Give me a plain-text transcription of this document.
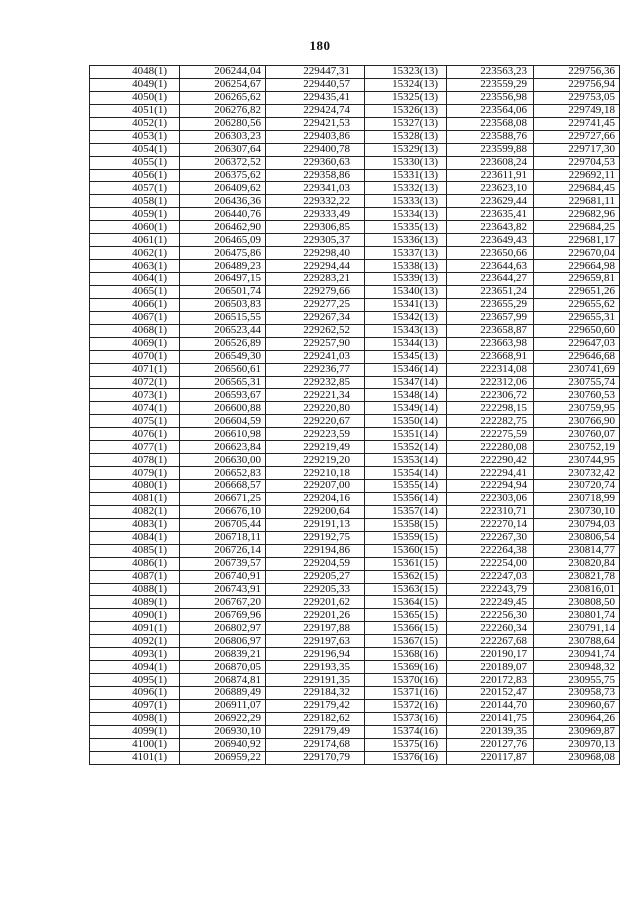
180
4048(1)	206244,04	229447,31	15323(13)	223563,23	229756,36
4049(1)	206254,67	229440,57	15324(13)	223559,29	229756,94
4050(1)	206265,62	229435,41	15325(13)	223556,98	229753,05
4051(1)	206276,82	229424,74	15326(13)	223564,06	229749,18
4052(1)	206280,56	229421,53	15327(13)	223568,08	229741,45
4053(1)	206303,23	229403,86	15328(13)	223588,76	229727,66
4054(1)	206307,64	229400,78	15329(13)	223599,88	229717,30
4055(1)	206372,52	229360,63	15330(13)	223608,24	229704,53
4056(1)	206375,62	229358,86	15331(13)	223611,91	229692,11
4057(1)	206409,62	229341,03	15332(13)	223623,10	229684,45
4058(1)	206436,36	229332,22	15333(13)	223629,44	229681,11
4059(1)	206440,76	229333,49	15334(13)	223635,41	229682,96
4060(1)	206462,90	229306,85	15335(13)	223643,82	229684,25
4061(1)	206465,09	229305,37	15336(13)	223649,43	229681,17
4062(1)	206475,86	229298,40	15337(13)	223650,66	229670,04
4063(1)	206489,23	229294,44	15338(13)	223644,63	229664,98
4064(1)	206497,15	229283,21	15339(13)	223644,27	229659,81
4065(1)	206501,74	229279,66	15340(13)	223651,24	229651,26
4066(1)	206503,83	229277,25	15341(13)	223655,29	229655,62
4067(1)	206515,55	229267,34	15342(13)	223657,99	229655,31
4068(1)	206523,44	229262,52	15343(13)	223658,87	229650,60
4069(1)	206526,89	229257,90	15344(13)	223663,98	229647,03
4070(1)	206549,30	229241,03	15345(13)	223668,91	229646,68
4071(1)	206560,61	229236,77	15346(14)	222314,08	230741,69
4072(1)	206565,31	229232,85	15347(14)	222312,06	230755,74
4073(1)	206593,67	229221,34	15348(14)	222306,72	230760,53
4074(1)	206600,88	229220,80	15349(14)	222298,15	230759,95
4075(1)	206604,59	229220,67	15350(14)	222282,75	230766,90
4076(1)	206610,98	229223,59	15351(14)	222275,59	230760,07
4077(1)	206623,84	229219,49	15352(14)	222280,08	230752,19
4078(1)	206630,00	229219,20	15353(14)	222290,42	230744,95
4079(1)	206652,83	229210,18	15354(14)	222294,41	230732,42
4080(1)	206668,57	229207,00	15355(14)	222294,94	230720,74
4081(1)	206671,25	229204,16	15356(14)	222303,06	230718,99
4082(1)	206676,10	229200,64	15357(14)	222310,71	230730,10
4083(1)	206705,44	229191,13	15358(15)	222270,14	230794,03
4084(1)	206718,11	229192,75	15359(15)	222267,30	230806,54
4085(1)	206726,14	229194,86	15360(15)	222264,38	230814,77
4086(1)	206739,57	229204,59	15361(15)	222254,00	230820,84
4087(1)	206740,91	229205,27	15362(15)	222247,03	230821,78
4088(1)	206743,91	229205,33	15363(15)	222243,79	230816,01
4089(1)	206767,20	229201,62	15364(15)	222249,45	230808,50
4090(1)	206769,96	229201,26	15365(15)	222256,30	230801,74
4091(1)	206802,97	229197,88	15366(15)	222260,34	230791,14
4092(1)	206806,97	229197,63	15367(15)	222267,68	230788,64
4093(1)	206839,21	229196,94	15368(16)	220190,17	230941,74
4094(1)	206870,05	229193,35	15369(16)	220189,07	230948,32
4095(1)	206874,81	229191,35	15370(16)	220172,83	230955,75
4096(1)	206889,49	229184,32	15371(16)	220152,47	230958,73
4097(1)	206911,07	229179,42	15372(16)	220144,70	230960,67
4098(1)	206922,29	229182,62	15373(16)	220141,75	230964,26
4099(1)	206930,10	229179,49	15374(16)	220139,35	230969,87
4100(1)	206940,92	229174,68	15375(16)	220127,76	230970,13
4101(1)	206959,22	229170,79	15376(16)	220117,87	230968,08
